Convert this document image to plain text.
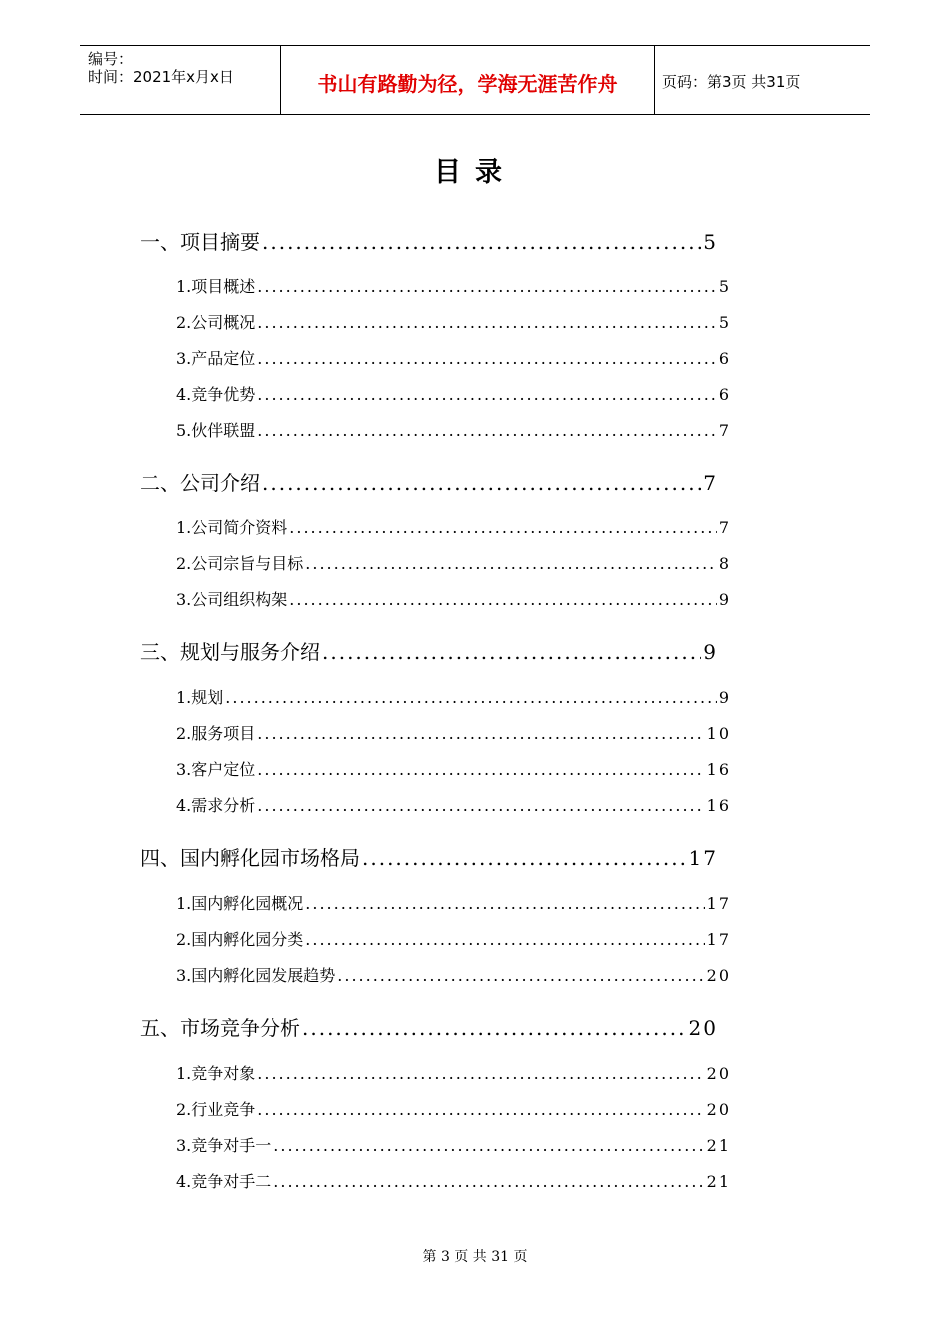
编号：
时间：2021年x月x日	书山有路勤为径，学海无涯苦作舟	页码：第3页 共31页
目录
一、项目摘要 .....	5
1.项目概述 .....	5
2.公司概况 .....	5
3.产品定位 .....	6
4.竞争优势 .....	6
5.伙伴联盟 .....	7
二、公司介绍 .....	7
1.公司简介资料 .....	7
2.公司宗旨与目标 .....	8
3.公司组织构架 .....	9
三、规划与服务介绍 .....	9
1.规划 .....	9
2.服务项目 .....	10
3.客户定位 .....	16
4.需求分析 .....	16
四、国内孵化园市场格局 .....	17
1.国内孵化园概况 .....	17
2.国内孵化园分类 .....	17
3.国内孵化园发展趋势 .....	20
五、市场竞争分析 .....	20
1.竞争对象 .....	20
2.行业竞争 .....	20
3.竞争对手一 .....	21
4.竞争对手二 .....	21
第 3 页 共 31 页
